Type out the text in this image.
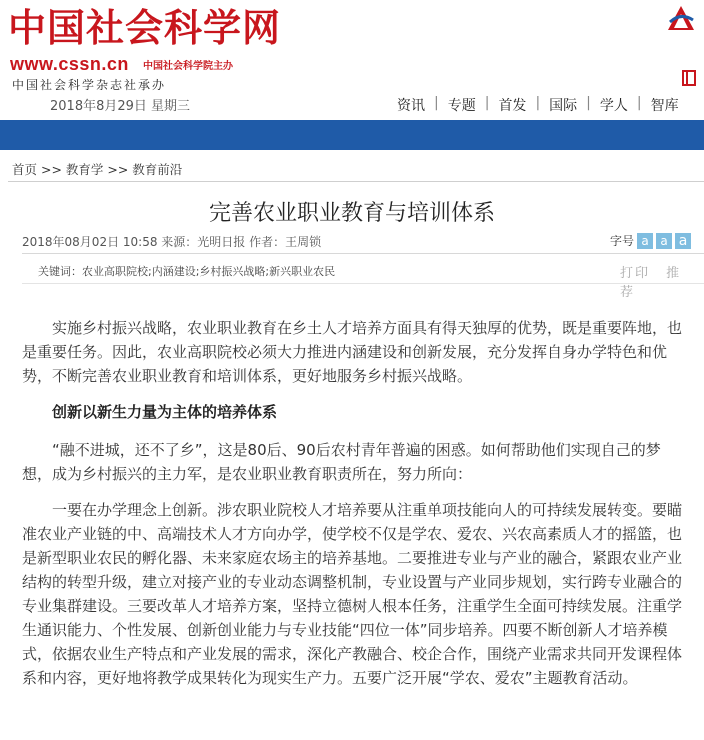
中国社会科学网
www.cssn.cn 中国社会科学院主办
中国社会科学杂志社承办
2018年8月29日 星期三	资讯 | 专题 | 首发 | 国际 | 学人 | 智库
首页 >> 教育学 >> 教育前沿
完善农业职业教育与培训体系
2018年08月02日 10:58 来源：光明日报 作者：王周锁	字号 a a a
关键词：农业高职院校;内涵建设;乡村振兴战略;新兴职业农民	打印 推荐

实施乡村振兴战略，农业职业教育在乡土人才培养方面具有得天独厚的优势，既是重要阵地，也是重要任务。因此，农业高职院校必须大力推进内涵建设和创新发展，充分发挥自身办学特色和优势，不断完善农业职业教育和培训体系，更好地服务乡村振兴战略。

创新以新生力量为主体的培养体系

“融不进城，还不了乡”，这是80后、90后农村青年普遍的困惑。如何帮助他们实现自己的梦想，成为乡村振兴的主力军，是农业职业教育职责所在，努力所向：

一要在办学理念上创新。涉农职业院校人才培养要从注重单项技能向人的可持续发展转变。要瞄准农业产业链的中、高端技术人才方向办学，使学校不仅是学农、爱农、兴农高素质人才的摇篮，也是新型职业农民的孵化器、未来家庭农场主的培养基地。二要推进专业与产业的融合，紧跟农业产业结构的转型升级，建立对接产业的专业动态调整机制，专业设置与产业同步规划，实行跨专业融合的专业集群建设。三要改革人才培养方案，坚持立德树人根本任务，注重学生全面可持续发展。注重学生通识能力、个性发展、创新创业能力与专业技能“四位一体”同步培养。四要不断创新人才培养模式，依据农业生产特点和产业发展的需求，深化产教融合、校企合作，围绕产业需求共同开发课程体系和内容，更好地将教学成果转化为现实生产力。五要广泛开展“学农、爱农”主题教育活动。
